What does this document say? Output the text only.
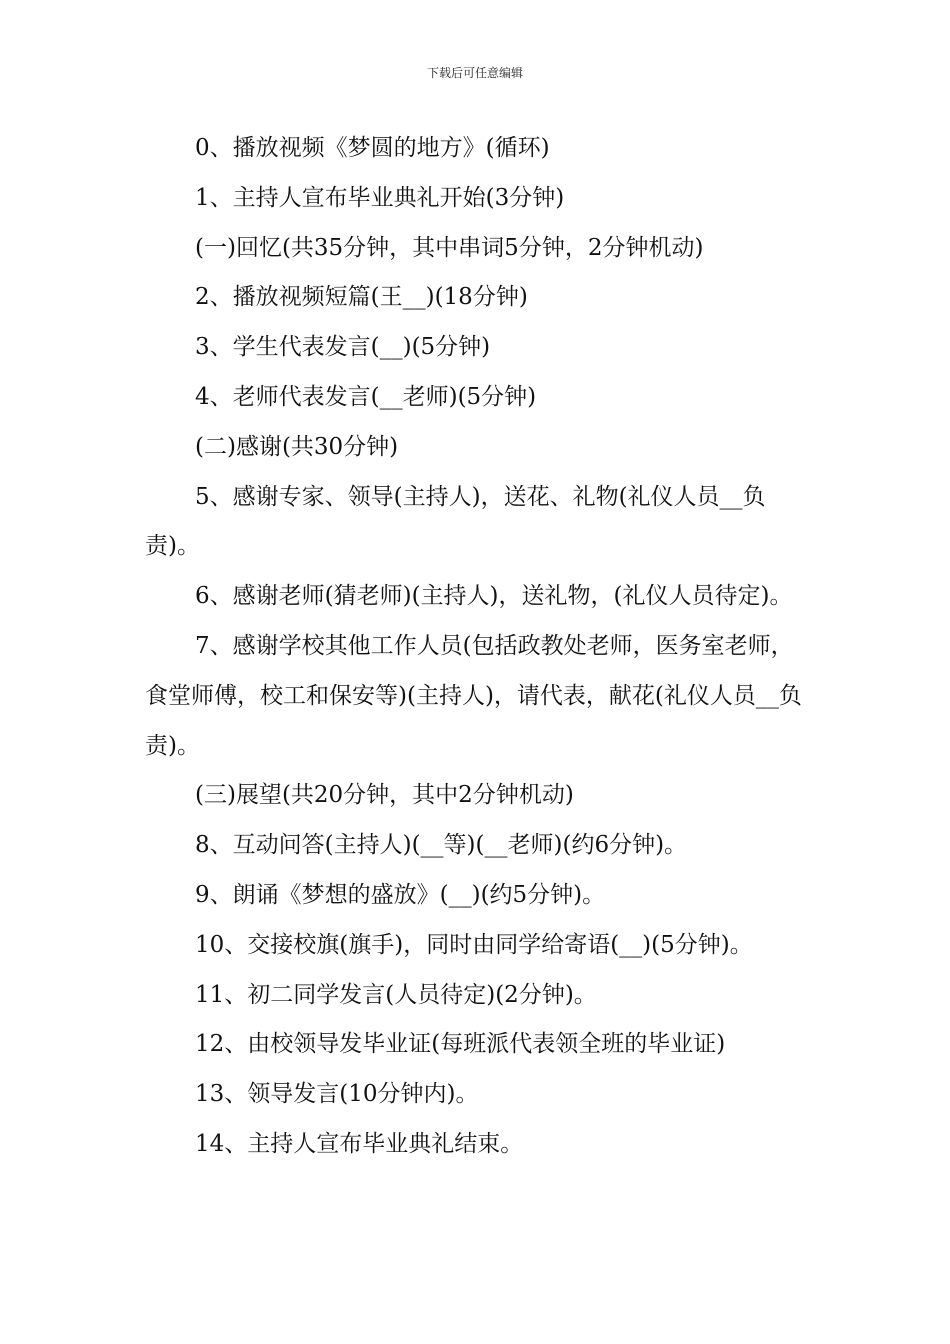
下载后可任意编辑

0、播放视频《梦圆的地方》(循环)

1、主持人宣布毕业典礼开始(3分钟)

(一)回忆(共35分钟，其中串词5分钟，2分钟机动)

2、播放视频短篇(王__)(18分钟)

3、学生代表发言(__)(5分钟)

4、老师代表发言(__老师)(5分钟)

(二)感谢(共30分钟)

5、感谢专家、领导(主持人)，送花、礼物(礼仪人员__负责)。

6、感谢老师(猜老师)(主持人)，送礼物，(礼仪人员待定)。

7、感谢学校其他工作人员(包括政教处老师，医务室老师，食堂师傅，校工和保安等)(主持人)，请代表，献花(礼仪人员__负责)。

(三)展望(共20分钟，其中2分钟机动)

8、互动问答(主持人)(__等)(__老师)(约6分钟)。

9、朗诵《梦想的盛放》(__)(约5分钟)。

10、交接校旗(旗手)，同时由同学给寄语(__)(5分钟)。

11、初二同学发言(人员待定)(2分钟)。

12、由校领导发毕业证(每班派代表领全班的毕业证)

13、领导发言(10分钟内)。

14、主持人宣布毕业典礼结束。
